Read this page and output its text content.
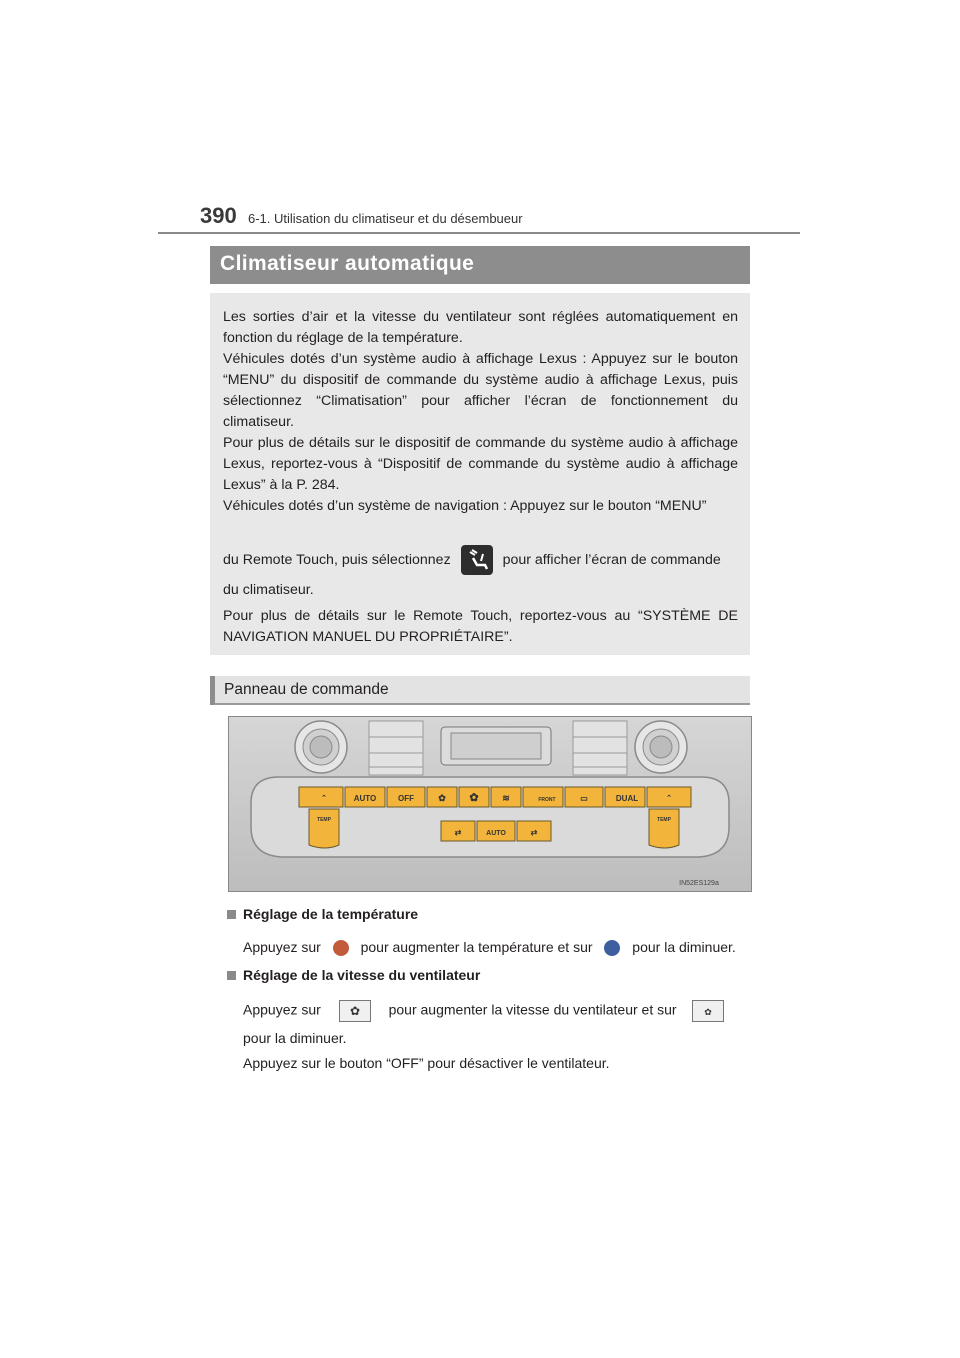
390 6-1. Utilisation du climatiseur et du désembueur
Climatiseur automatique

Les sorties d’air et la vitesse du ventilateur sont réglées automatiquement en fonction du réglage de la température.

Véhicules dotés d’un système audio à affichage Lexus : Appuyez sur le bouton “MENU” du dispositif de commande du système audio à affichage Lexus, puis sélectionnez “Climatisation” pour afficher l’écran de fonctionnement du climatiseur.

Pour plus de détails sur le dispositif de commande du système audio à affichage Lexus, reportez-vous à “Dispositif de commande du système audio à affichage Lexus” à la P. 284.

Véhicules dotés d’un système de navigation : Appuyez sur le bouton “MENU”

du Remote Touch, puis sélectionnez	pour afficher l’écran de commande

du climatiseur.

Pour plus de détails sur le Remote Touch, reportez-vous au “SYSTÈME DE NAVIGATION MANUEL DU PROPRIÉTAIRE”.

Panneau de commande
⌃	AUTO	OFF	✿ ✿	≋	FRONT	▭	DUAL	⌃
TEMP	TEMP
⇄	AUTO	⇄
IN52ES129a
Réglage de la température
Appuyez sur	pour augmenter la température et sur	pour la diminuer.
Réglage de la vitesse du ventilateur
Appuyez sur ✿ pour augmenter la vitesse du ventilateur et sur	✿
pour la diminuer.
Appuyez sur le bouton “OFF” pour désactiver le ventilateur.
